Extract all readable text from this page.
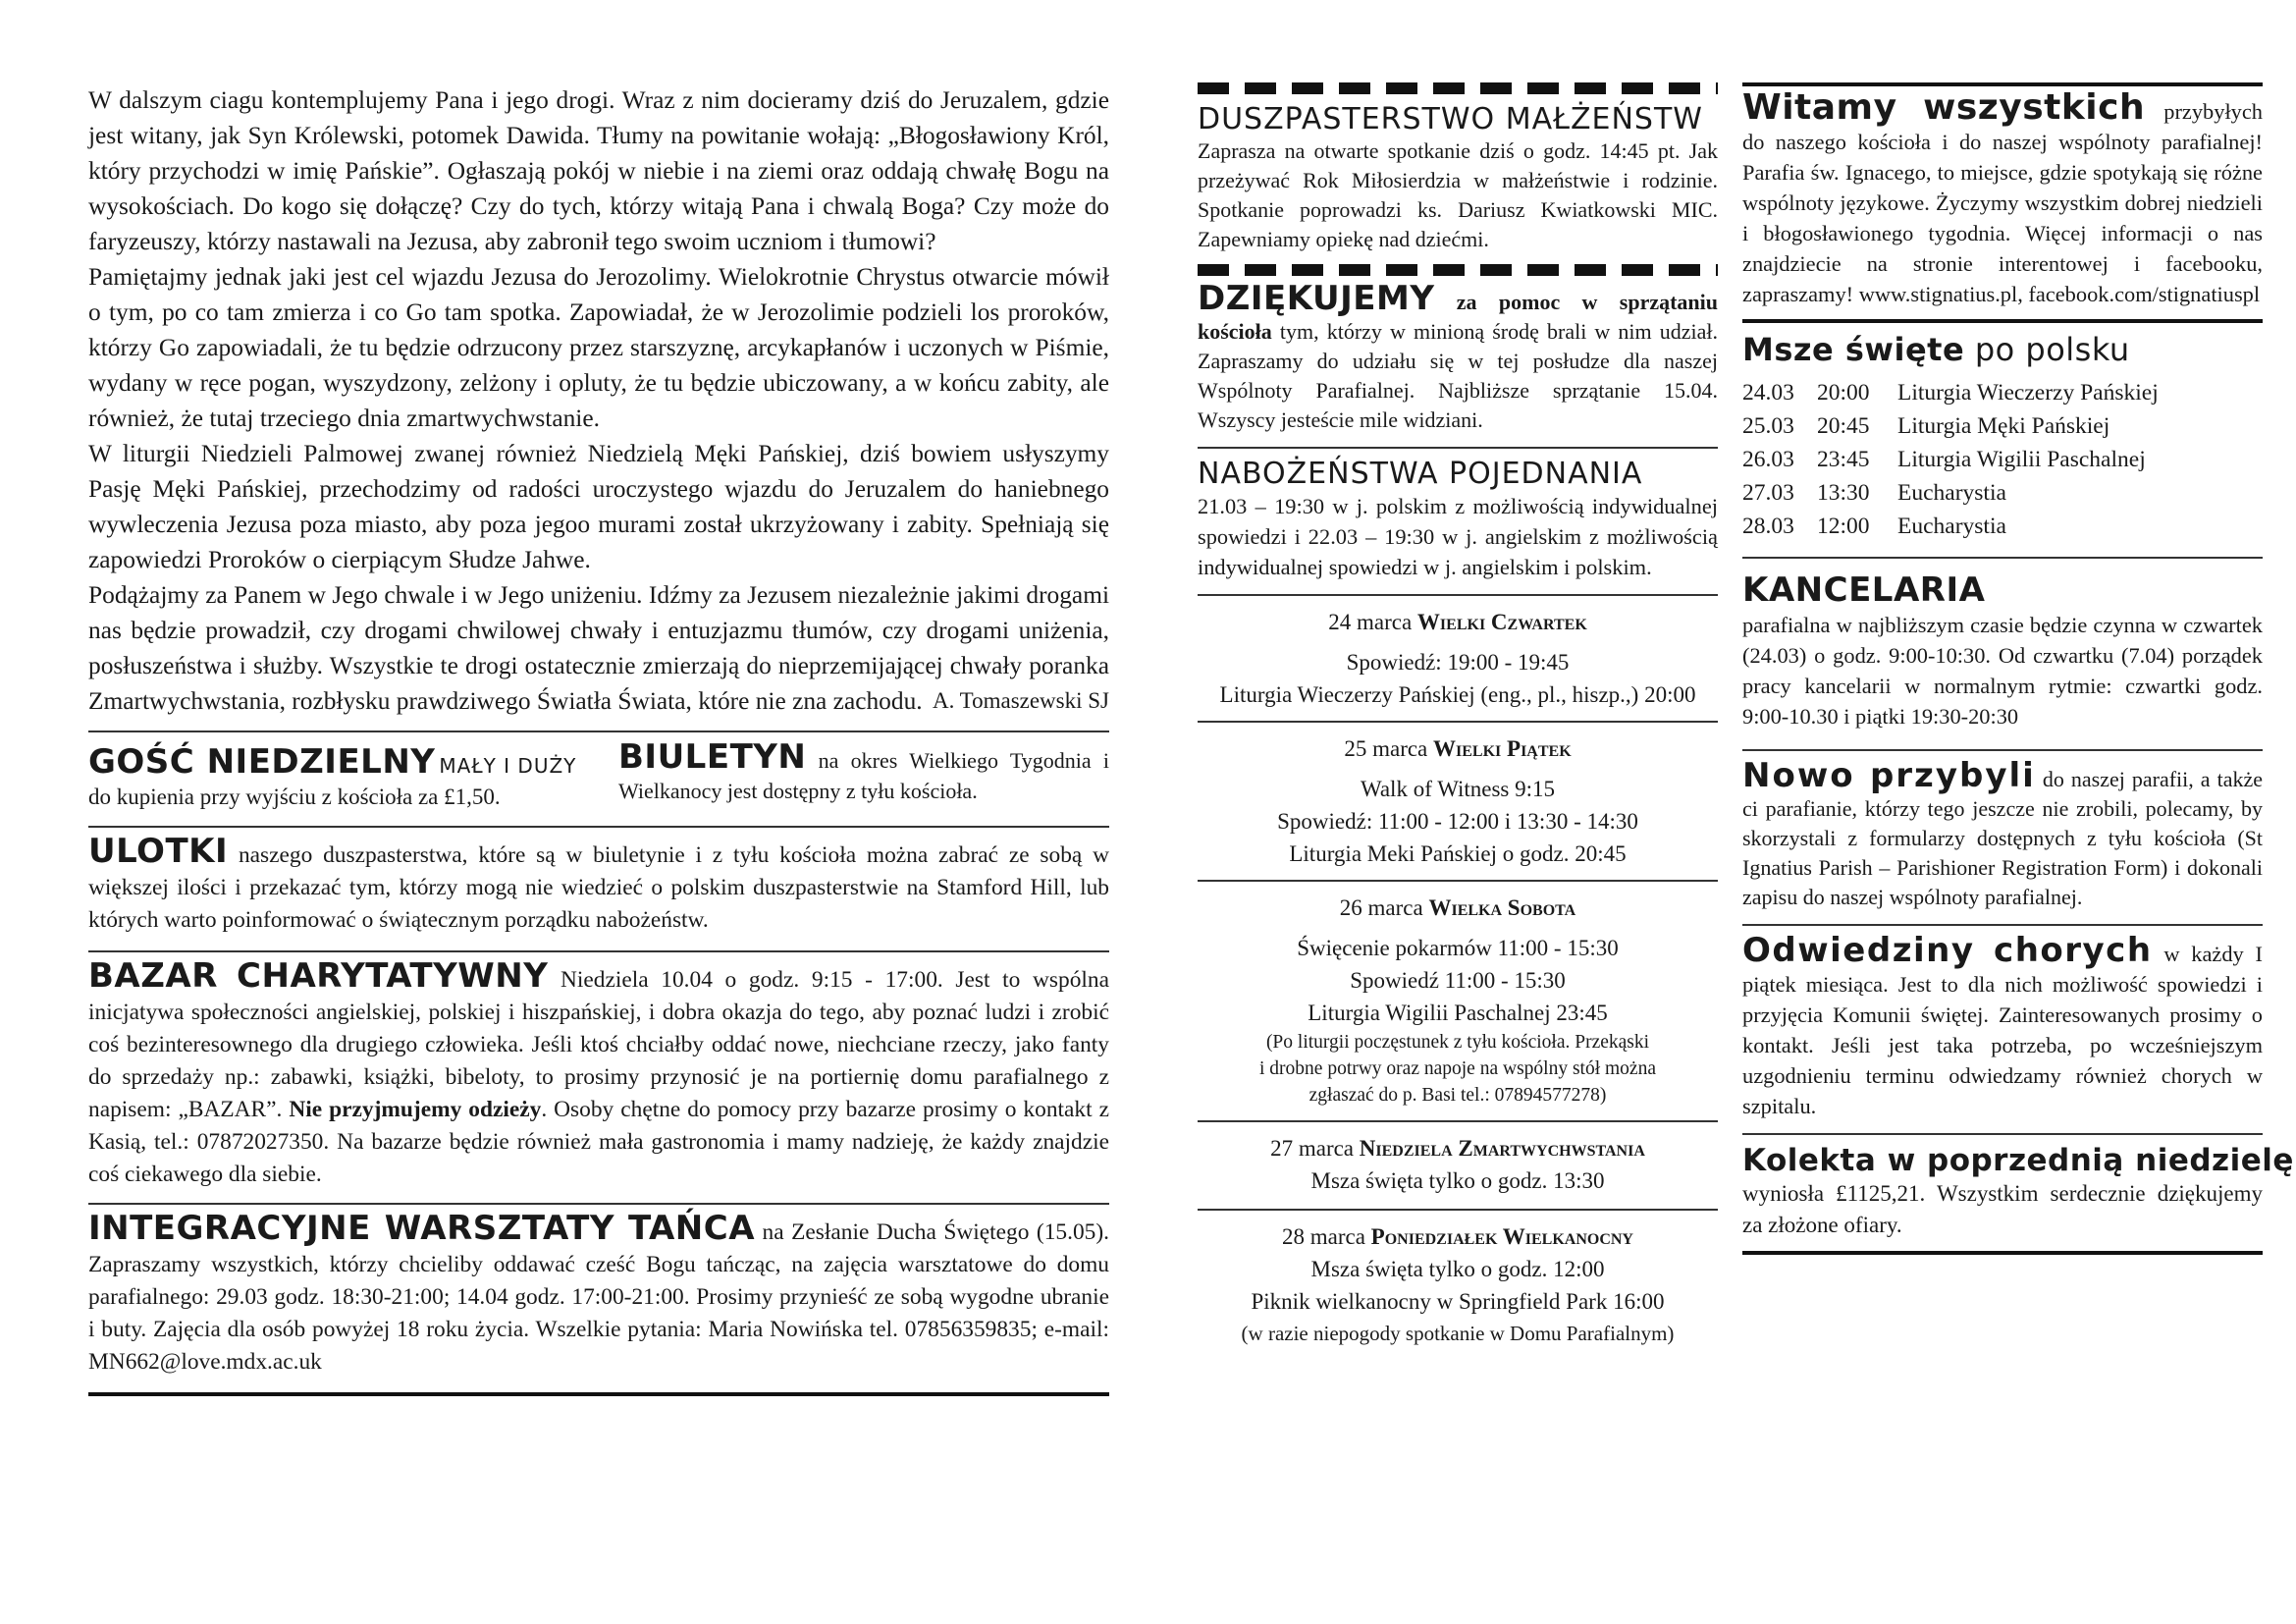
W dalszym ciagu kontemplujemy Pana i jego drogi. Wraz z nim docieramy dziś do Jeruzalem, gdzie jest witany, jak Syn Królewski, potomek Dawida. Tłumy na powitanie wołają: „Błogosławiony Król, który przychodzi w imię Pańskie”. Ogłaszają pokój w niebie i na ziemi oraz oddają chwałę Bogu na wysokościach. Do kogo się dołączę? Czy do tych, którzy witają Pana i chwalą Boga? Czy może do faryzeuszy, którzy nastawali na Jezusa, aby zabronił tego swoim uczniom i tłumowi?

Pamiętajmy jednak jaki jest cel wjazdu Jezusa do Jerozolimy. Wielokrotnie Chrystus otwarcie mówił o tym, po co tam zmierza i co Go tam spotka. Zapowiadał, że w Jerozolimie podzieli los proroków, którzy Go zapowiadali, że tu będzie odrzucony przez starszyznę, arcykapłanów i uczonych w Piśmie, wydany w ręce pogan, wyszydzony, zelżony i opluty, że tu będzie ubiczowany, a w końcu zabity, ale również, że tutaj trzeciego dnia zmartwychwstanie.

W liturgii Niedzieli Palmowej zwanej również Niedzielą Męki Pańskiej, dziś bowiem usłyszymy Pasję Męki Pańskiej, przechodzimy od radości uroczystego wjazdu do Jeruzalem do haniebnego wywleczenia Jezusa poza miasto, aby poza jegoo murami został ukrzyżowany i zabity. Spełniają się zapowiedzi Proroków o cierpiącym Słudze Jahwe.

Podążajmy za Panem w Jego chwale i w Jego uniżeniu. Idźmy za Jezusem niezależnie jakimi drogami nas będzie prowadził, czy drogami chwilowej chwały i entuzjazmu tłumów, czy drogami uniżenia, posłuszeństwa i służby. Wszystkie te drogi ostatecznie zmierzają do nieprzemijającej chwały poranka Zmartwychwstania, rozbłysku prawdziwego Światła Świata, które nie zna zachodu. A. Tomaszewski SJ

GOŚĆ NIEDZIELNY MAŁY I DUŻY

do kupienia przy wyjściu z kościoła za £1,50.

BIULETYN na okres Wielkiego Tygodnia i Wielkanocy jest dostępny z tyłu kościoła.

ULOTKI naszego duszpasterstwa, które są w biuletynie i z tyłu kościoła można zabrać ze sobą w większej ilości i przekazać tym, którzy mogą nie wiedzieć o polskim duszpasterstwie na Stamford Hill, lub których warto poinformować o świątecznym porządku nabożeństw.

BAZAR CHARYTATYWNY Niedziela 10.04 o godz. 9:15 - 17:00. Jest to wspólna inicjatywa społeczności angielskiej, polskiej i hiszpańskiej, i dobra okazja do tego, aby poznać ludzi i zrobić coś bezinteresownego dla drugiego człowieka. Jeśli ktoś chciałby oddać nowe, niechciane rzeczy, jako fanty do sprzedaży np.: zabawki, książki, bibeloty, to prosimy przynosić je na portiernię domu parafialnego z napisem: „BAZAR”. Nie przyjmujemy odzieży. Osoby chętne do pomocy przy bazarze prosimy o kontakt z Kasią, tel.: 07872027350. Na bazarze będzie również mała gastronomia i mamy nadzieję, że każdy znajdzie coś ciekawego dla siebie.

INTEGRACYJNE WARSZTATY TAŃCA na Zesłanie Ducha Świętego (15.05). Zapraszamy wszystkich, którzy chcieliby oddawać cześć Bogu tańcząc, na zajęcia warsztatowe do domu parafialnego: 29.03 godz. 18:30-21:00; 14.04 godz. 17:00-21:00. Prosimy przynieść ze sobą wygodne ubranie i buty. Zajęcia dla osób powyżej 18 roku życia. Wszelkie pytania: Maria Nowińska tel. 07856359835; e-mail: MN662@love.mdx.ac.uk

DUSZPASTERSTWO MAŁŻEŃSTW

Zaprasza na otwarte spotkanie dziś o godz. 14:45 pt. Jak przeżywać Rok Miłosierdzia w małżeństwie i rodzinie. Spotkanie poprowadzi ks. Dariusz Kwiatkowski MIC. Zapewniamy opiekę nad dziećmi.

DZIĘKUJEMY za pomoc w sprzątaniu kościoła tym, którzy w minioną środę brali w nim udział. Zapraszamy do udziału się w tej posłudze dla naszej Wspólnoty Parafialnej. Najbliższe sprzątanie 15.04. Wszyscy jesteście mile widziani.

NABOŻEŃSTWA POJEDNANIA

21.03 – 19:30 w j. polskim z możliwością indywidualnej spowiedzi i 22.03 – 19:30 w j. angielskim z możliwością indywidualnej spowiedzi w j. angielskim i polskim.

24 marca Wielki Czwartek

Spowiedź: 19:00 - 19:45

Liturgia Wieczerzy Pańskiej (eng., pl., hiszp.,) 20:00

25 marca Wielki Piątek

Walk of Witness 9:15

Spowiedź: 11:00 - 12:00 i 13:30 - 14:30

Liturgia Meki Pańskiej o godz. 20:45

26 marca Wielka Sobota

Święcenie pokarmów 11:00 - 15:30

Spowiedź 11:00 - 15:30

Liturgia Wigilii Paschalnej 23:45

(Po liturgii poczęstunek z tyłu kościoła. Przekąski

i drobne potrwy oraz napoje na wspólny stół można

zgłaszać do p. Basi tel.: 07894577278)

27 marca Niedziela Zmartwychwstania

Msza święta tylko o godz. 13:30

28 marca Poniedziałek Wielkanocny

Msza święta tylko o godz. 12:00

Piknik wielkanocny w Springfield Park 16:00

(w razie niepogody spotkanie w Domu Parafialnym)

Witamy wszystkich przybyłych do naszego kościoła i do naszej wspólnoty parafialnej! Parafia św. Ignacego, to miejsce, gdzie spotykają się różne wspólnoty językowe. Życzymy wszystkim dobrej niedzieli i błogosławionego tygodnia. Więcej informacji o nas znajdziecie na stronie interentowej i facebooku, zapraszamy! www.stignatius.pl, facebook.com/stignatiuspl

Msze święte po polsku
24.03 20:00	Liturgia Wieczerzy Pańskiej
25.03 20:45	Liturgia Męki Pańskiej
26.03 23:45	Liturgia Wigilii Paschalnej
27.03 13:30	Eucharystia
28.03 12:00	Eucharystia
KANCELARIA

parafialna w najbliższym czasie będzie czynna w czwartek (24.03) o godz. 9:00-10:30. Od czwartku (7.04) porządek pracy kancelarii w normalnym rytmie: czwartki godz. 9:00-10.30 i piątki 19:30-20:30

Nowo przybyli do naszej parafii, a także ci parafianie, którzy tego jeszcze nie zrobili, polecamy, by skorzystali z formularzy dostępnych z tyłu kościoła (St Ignatius Parish – Parishioner Registration Form) i dokonali zapisu do naszej wspólnoty parafialnej.

Odwiedziny chorych w każdy I piątek miesiąca. Jest to dla nich możliwość spowiedzi i przyjęcia Komunii świętej. Zainteresowanych prosimy o kontakt. Jeśli jest taka potrzeba, po wcześniejszym uzgodnieniu terminu odwiedzamy również chorych w szpitalu.

Kolekta w poprzednią niedzielę

wyniosła £1125,21. Wszystkim serdecznie dziękujemy za złożone ofiary.
